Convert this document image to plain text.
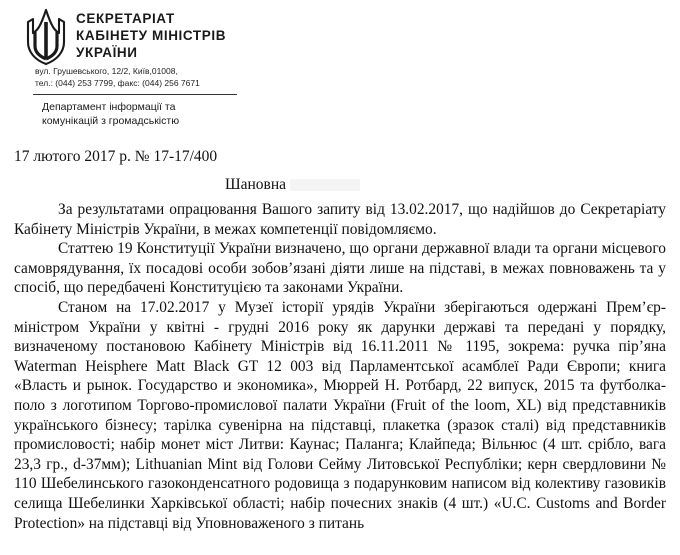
СЕКРЕТАРІАТ
КАБІНЕТУ МІНІСТРІВ
УКРАЇНИ
вул. Грушевського, 12/2, Київ,01008,
тел.: (044) 253 7799, факс: (044) 256 7671
Департамент інформації та
комунікацій з громадськістю
17 лютого 2017 р. № 17-17/400
Шановна

За результатами опрацювання Вашого запиту від 13.02.2017, що надійшов до Секретаріату Кабінету Міністрів України, в межах компетенції повідомляємо.

Статтею 19 Конституції України визначено, що органи державної влади та органи місцевого самоврядування, їх посадові особи зобов’язані діяти лише на підставі, в межах повноважень та у спосіб, що передбачені Конституцією та законами України.

Станом на 17.02.2017 у Музеї історії урядів України зберігаються одержані Прем’єр-міністром України у квітні - грудні 2016 року як дарунки державі та передані у порядку, визначеному постановою Кабінету Міністрів від 16.11.2011 № 1195, зокрема: ручка пір’яна Waterman Heisphere Matt Black GT 12 003 від Парламентської асамблеї Ради Європи; книга «Власть и рынок. Государство и экономика», Мюррей Н. Ротбард, 22 випуск, 2015 та футболка-поло з логотипом Торгово-промислової палати України (Fruit of the loom, XL) від представників українського бізнесу; тарілка сувенірна на підставці, плакетка (зразок сталі) від представників промисловості; набір монет міст Литви: Каунас; Паланга; Клайпеда; Вільнюс (4 шт. срібло, вага 23,3 гр., d-37мм); Lithuanian Mint від Голови Сейму Литовської Республіки; керн свердловини № 110 Шебелинського газоконденсатного родовища з подарунковим написом від колективу газовиків селища Шебелинки Харківської області; набір почесних знаків (4 шт.) «U.C. Customs and Border Protection» на підставці від Уповноваженого з питань
